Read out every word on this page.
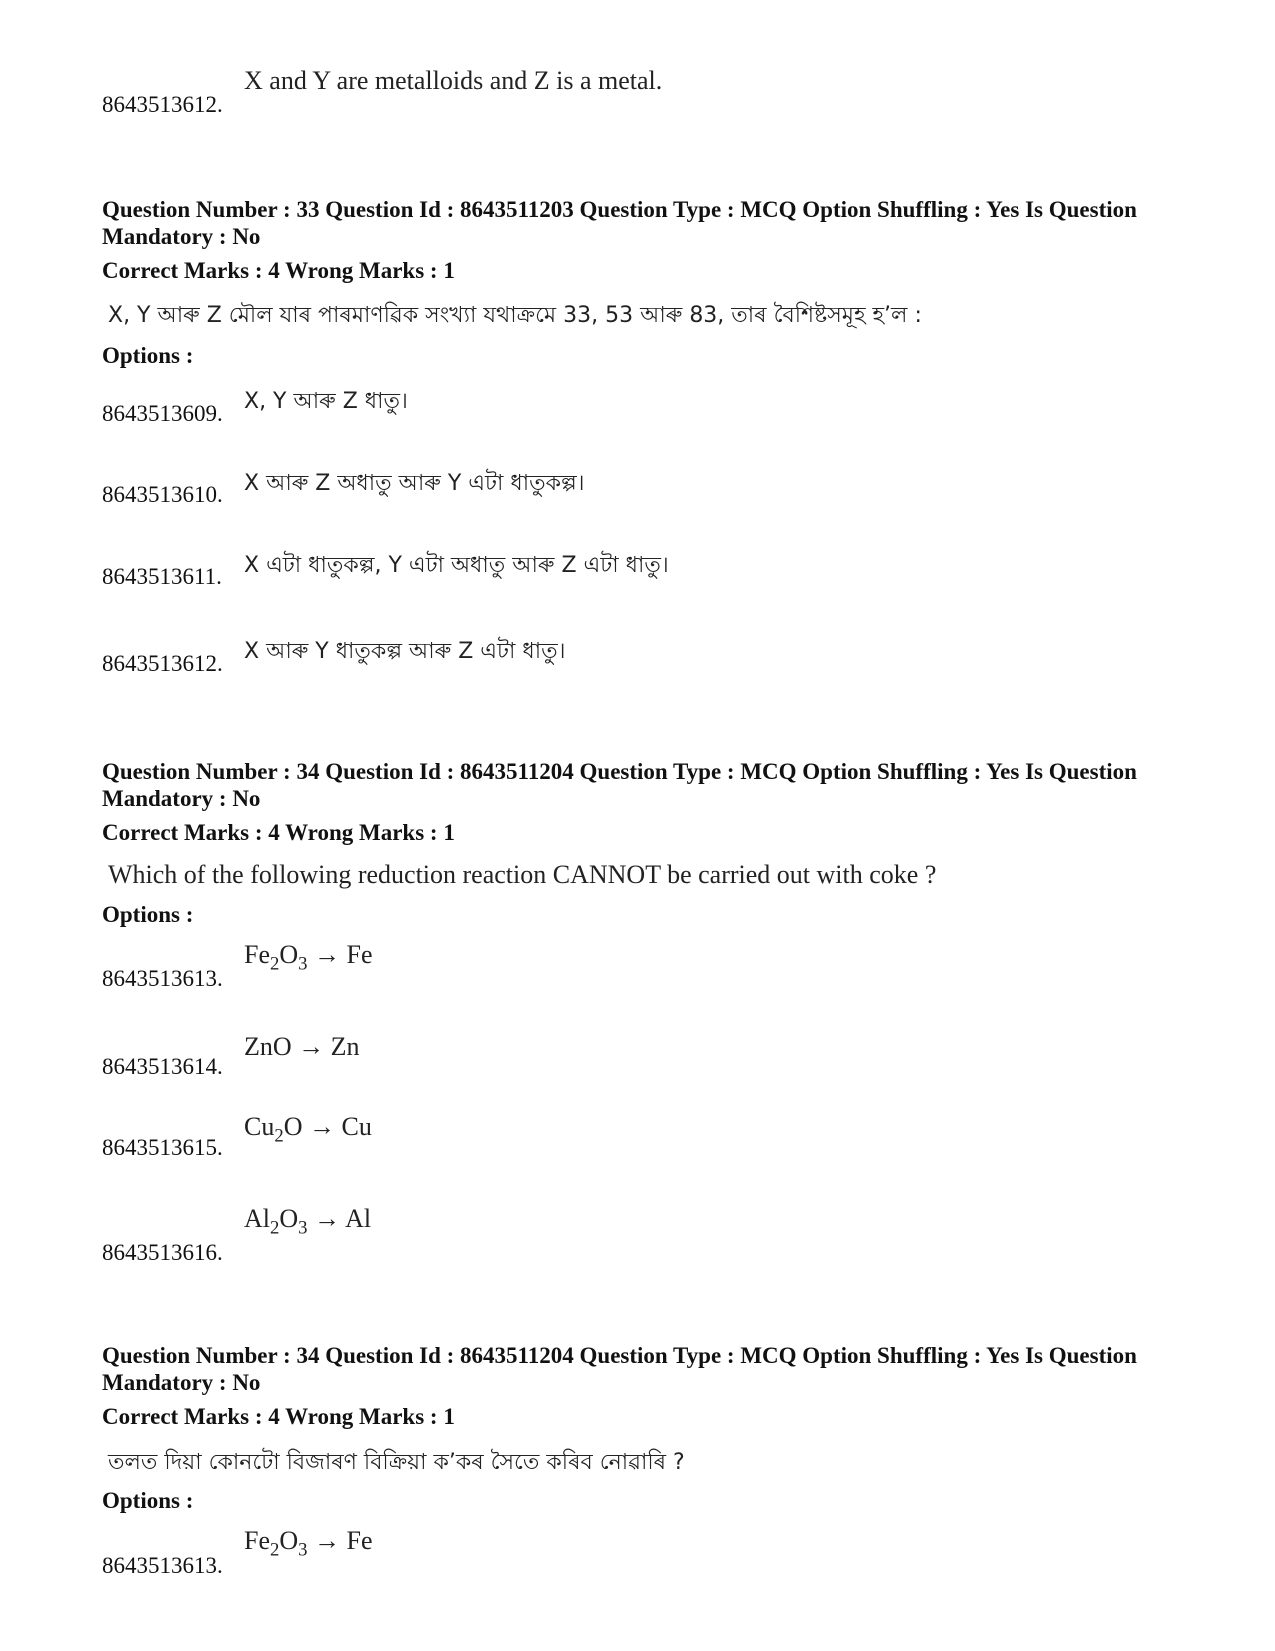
8643513612.
X and Y are metalloids and Z is a metal.
Question Number : 33 Question Id : 8643511203 Question Type : MCQ Option Shuffling : Yes Is Question Mandatory : No
Correct Marks : 4 Wrong Marks : 1
X, Y আৰু Z মৌল যাৰ পাৰমাণৱিক সংখ্যা যথাক্ৰমে 33, 53 আৰু 83, তাৰ বৈশিষ্টসমূহ হ’ল :
Options :
8643513609. X, Y আৰু Z ধাতু।
8643513610. X আৰু Z অধাতু আৰু Y এটা ধাতুকল্প।
8643513611. X এটা ধাতুকল্প, Y এটা অধাতু আৰু Z এটা ধাতু।
8643513612. X আৰু Y ধাতুকল্প আৰু Z এটা ধাতু।
Question Number : 34 Question Id : 8643511204 Question Type : MCQ Option Shuffling : Yes Is Question Mandatory : No
Correct Marks : 4 Wrong Marks : 1
Which of the following reduction reaction CANNOT be carried out with coke ?
Options :
8643513613.
$Fe_2O_3 \to Fe$
8643513614.
ZnO → Zn
8643513615.
$Cu_2O \to Cu$
8643513616.
$Al_2O_3 \to Al$
Question Number : 34 Question Id : 8643511204 Question Type : MCQ Option Shuffling : Yes Is Question Mandatory : No
Correct Marks : 4 Wrong Marks : 1
তলত দিয়া কোনটো বিজাৰণ বিক্ৰিয়া ক’কৰ সৈতে কৰিব নোৱাৰি ?
Options :
8643513613.
$Fe_2O_3 \to Fe$
